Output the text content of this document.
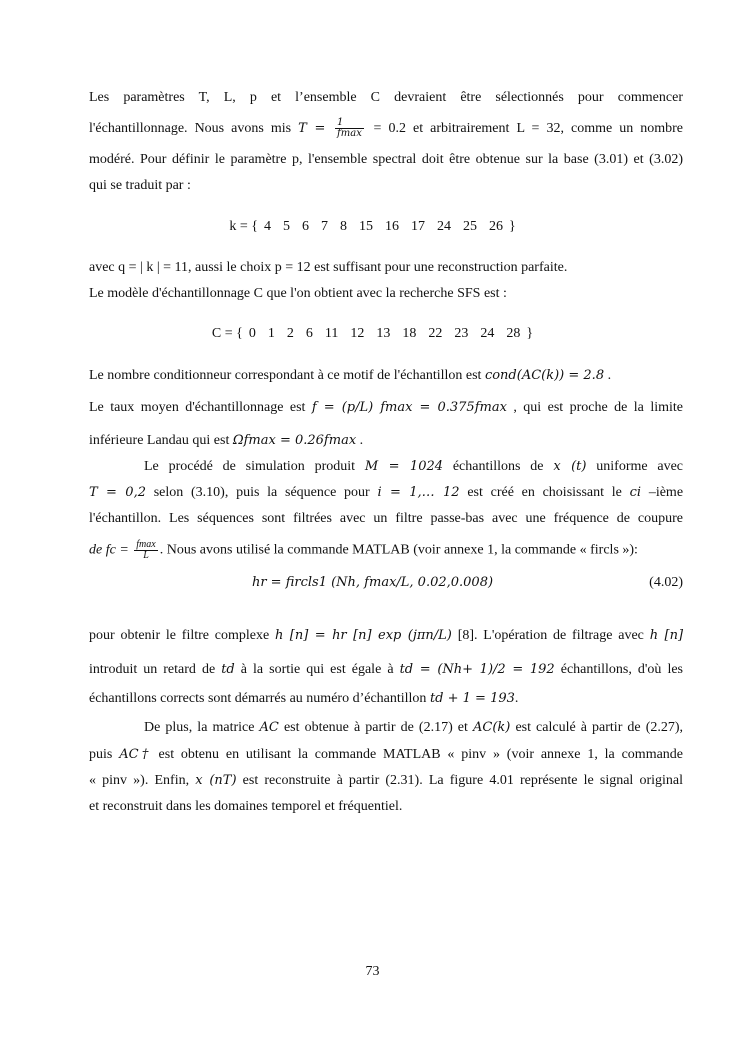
Les paramètres T, L, p et l’ensemble C devraient être sélectionnés pour commencer
l'échantillonnage. Nous avons mis $T = \frac{1}{fmax} = 0.2$ et arbitrairement L = 32, comme un nombre
modéré. Pour définir le paramètre p, l'ensemble spectral doit être obtenue sur la base (3.01) et (3.02)
qui se traduit par :
k = { 4 5 6 7 8 15 16 17 24 25 26 }
avec q = | k | = 11, aussi le choix p = 12 est suffisant pour une reconstruction parfaite.
Le modèle d'échantillonnage C que l'on obtient avec la recherche SFS est :
C = { 0 1 2 6 11 12 13 18 22 23 24 28 }
Le nombre conditionneur correspondant à ce motif de l'échantillon est cond(AC(k)) = 2.8 .
Le taux moyen d'échantillonnage est f = (p/L) fmax = 0.375fmax , qui est proche de la limite
inférieure Landau qui est Ωfmax = 0.26fmax .
Le procédé de simulation produit M = 1024 échantillons de x (t) uniforme avec
T = 0,2 selon (3.10), puis la séquence pour i = 1,… 12 est créé en choisissant le ci –ième
l'échantillon. Les séquences sont filtrées avec un filtre passe-bas avec une fréquence de coupure
de fc = $\frac{fmax}{L}$ . Nous avons utilisé la commande MATLAB (voir annexe 1, la commande « fircls »):
hr = fircls1 (Nh, fmax/L, 0.02,0.008)	(4.02)
pour obtenir le filtre complexe h [n] = hr [n] exp (jπn/L) [8]. L'opération de filtrage avec h [n]
introduit un retard de td à la sortie qui est égale à td = (Nh+ 1)/2 = 192 échantillons, d'où les
échantillons corrects sont démarrés au numéro d’échantillon td + 1 = 193.
De plus, la matrice AC est obtenue à partir de (2.17) et AC(k) est calculé à partir de (2.27),
puis AC† est obtenu en utilisant la commande MATLAB « pinv » (voir annexe 1, la commande
« pinv »). Enfin, x (nT) est reconstruite à partir (2.31). La figure 4.01 représente le signal original
et reconstruit dans les domaines temporel et fréquentiel.
73
